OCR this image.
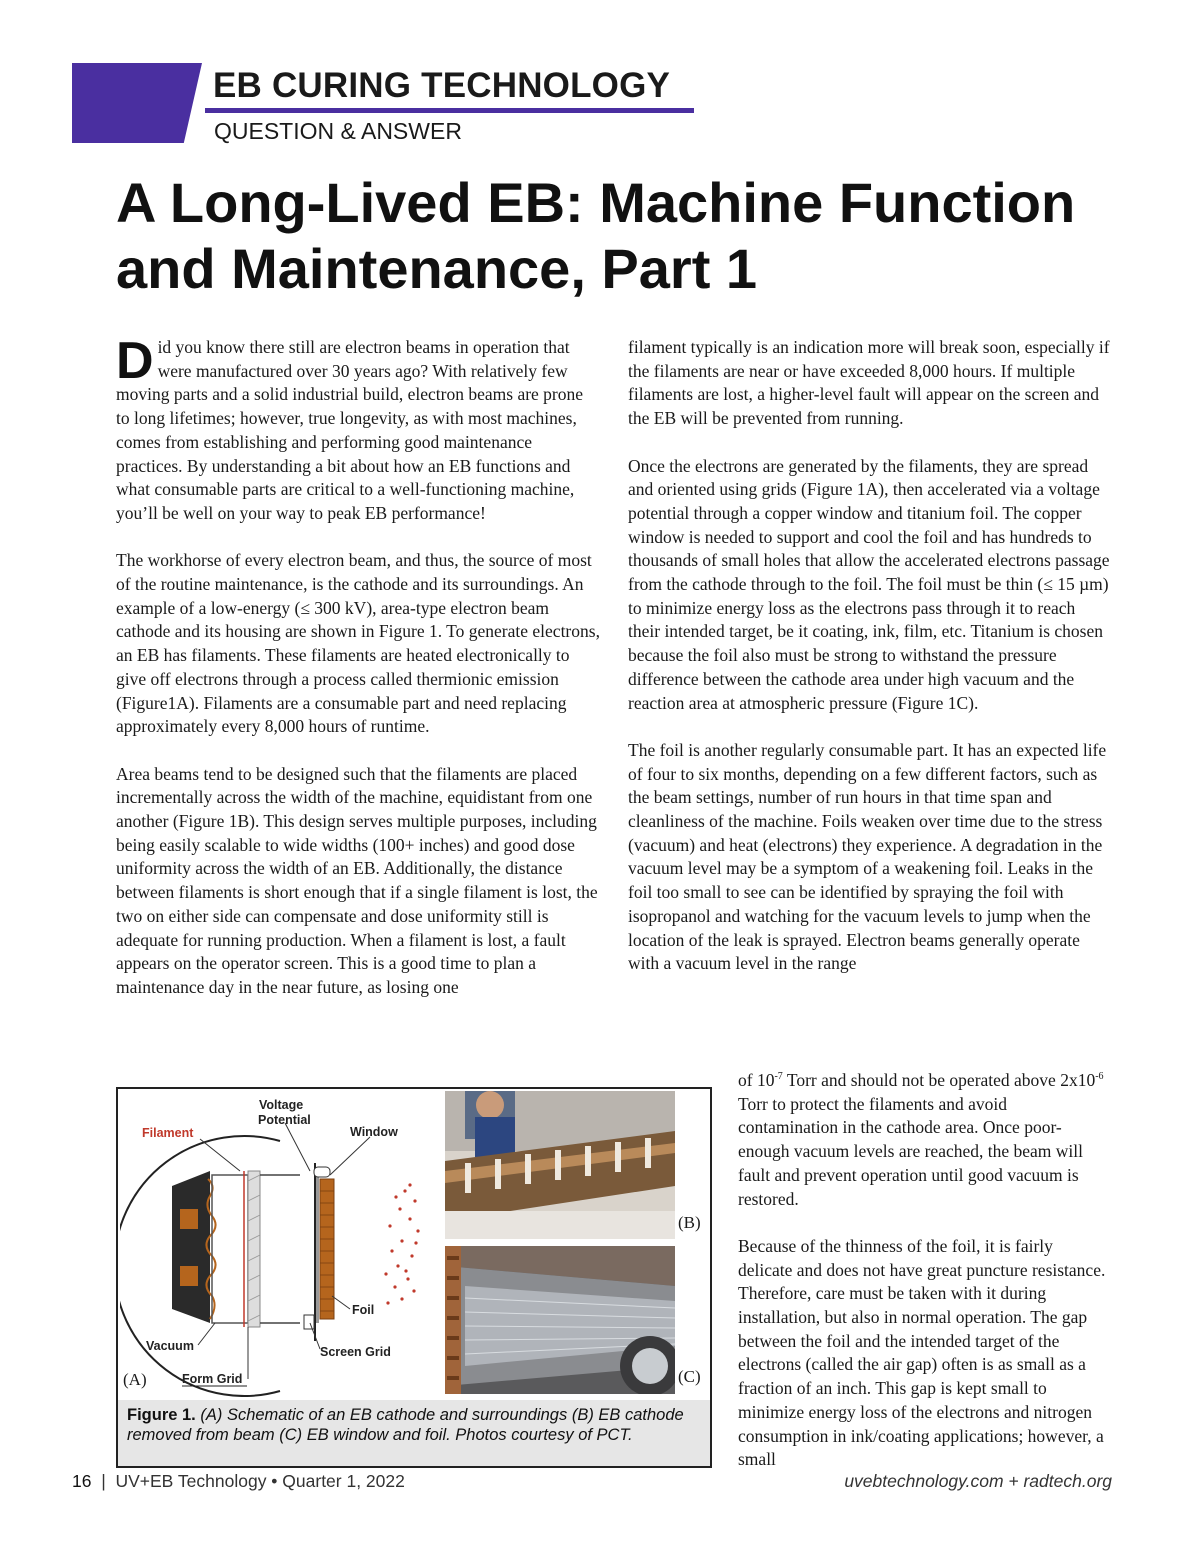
EB CURING TECHNOLOGY
QUESTION & ANSWER
A Long-Lived EB: Machine Function and Maintenance, Part 1

Did you know there still are electron beams in operation that were manufactured over 30 years ago? With relatively few moving parts and a solid industrial build, electron beams are prone to long lifetimes; however, true longevity, as with most machines, comes from establishing and performing good maintenance practices. By understanding a bit about how an EB functions and what consumable parts are critical to a well-functioning machine, you’ll be well on your way to peak EB performance!

The workhorse of every electron beam, and thus, the source of most of the routine maintenance, is the cathode and its surroundings. An example of a low-energy (≤ 300 kV), area-type electron beam cathode and its housing are shown in Figure 1. To generate electrons, an EB has filaments. These filaments are heated electronically to give off electrons through a process called thermionic emission (Figure1A). Filaments are a consumable part and need replacing approximately every 8,000 hours of runtime.

Area beams tend to be designed such that the filaments are placed incrementally across the width of the machine, equidistant from one another (Figure 1B). This design serves multiple purposes, including being easily scalable to wide widths (100+ inches) and good dose uniformity across the width of an EB. Additionally, the distance between filaments is short enough that if a single filament is lost, the two on either side can compensate and dose uniformity still is adequate for running production. When a filament is lost, a fault appears on the operator screen. This is a good time to plan a maintenance day in the near future, as losing one

filament typically is an indication more will break soon, especially if the filaments are near or have exceeded 8,000 hours. If multiple filaments are lost, a higher-level fault will appear on the screen and the EB will be prevented from running.

Once the electrons are generated by the filaments, they are spread and oriented using grids (Figure 1A), then accelerated via a voltage potential through a copper window and titanium foil. The copper window is needed to support and cool the foil and has hundreds to thousands of small holes that allow the accelerated electrons passage from the cathode through to the foil. The foil must be thin (≤ 15 µm) to minimize energy loss as the electrons pass through it to reach their intended target, be it coating, ink, film, etc. Titanium is chosen because the foil also must be strong to withstand the pressure difference between the cathode area under high vacuum and the reaction area at atmospheric pressure (Figure 1C).

The foil is another regularly consumable part. It has an expected life of four to six months, depending on a few different factors, such as the beam settings, number of run hours in that time span and cleanliness of the machine. Foils weaken over time due to the stress (vacuum) and heat (electrons) they experience. A degradation in the vacuum level may be a symptom of a weakening foil. Leaks in the foil too small to see can be identified by spraying the foil with isopropanol and watching for the vacuum levels to jump when the location of the leak is sprayed. Electron beams generally operate with a vacuum level in the range

of $10^{-7}$ Torr and should not be operated above $2x10^{-6}$ Torr to protect the filaments and avoid contamination in the cathode area. Once poor-enough vacuum levels are reached, the beam will fault and prevent operation until good vacuum is restored.

Because of the thinness of the foil, it is fairly delicate and does not have great puncture resistance. Therefore, care must be taken with it during installation, but also in normal operation. The gap between the foil and the intended target of the electrons (called the air gap) often is as small as a fraction of an inch. This gap is kept small to minimize energy loss of the electrons and nitrogen consumption in ink/coating applications; however, a small

Voltage
Potential
Filament	Window
Foil
Vacuum	Screen Grid
Form Grid
(B)
(C)
(A)
Figure 1. (A) Schematic of an EB cathode and surroundings (B) EB cathode removed from beam (C) EB window and foil. Photos courtesy of PCT.
16 | UV+EB Technology • Quarter 1, 2022	uvebtechnology.com + radtech.org
